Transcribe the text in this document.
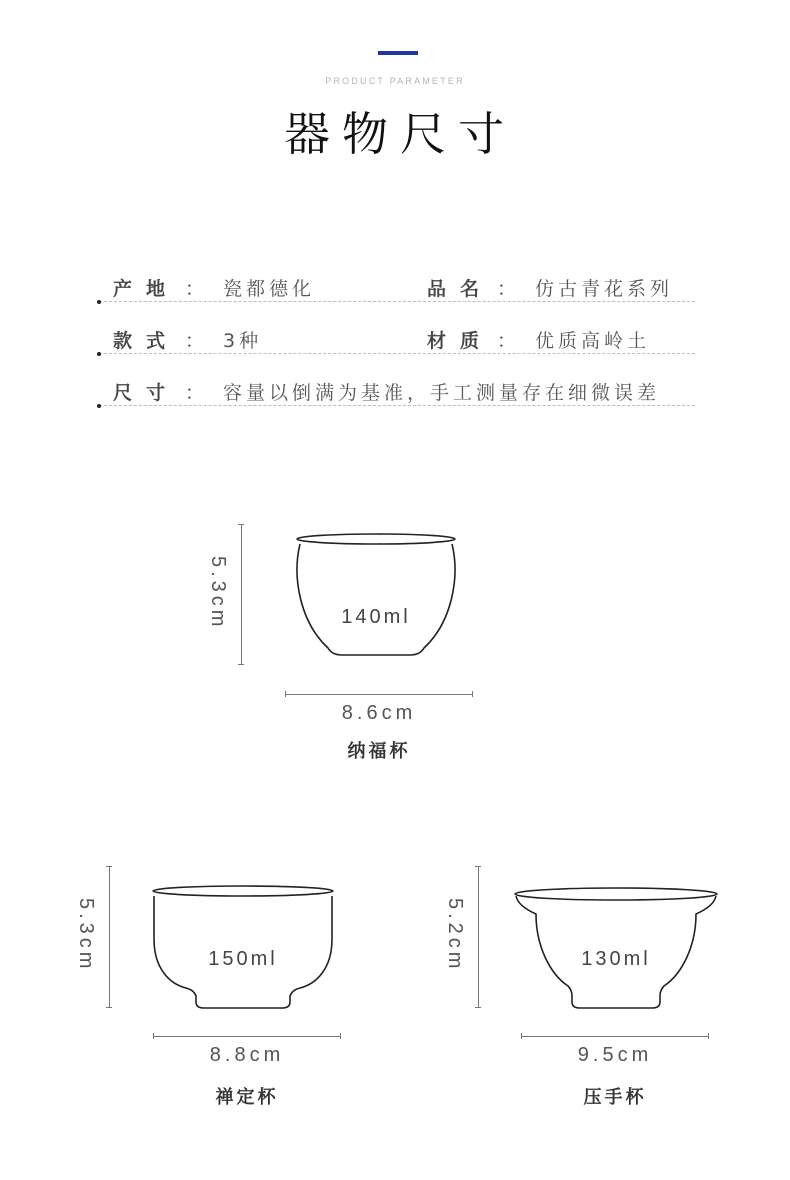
PRODUCT PARAMETER
器物尺寸
产地 ： 瓷都德化	品名 ： 仿古青花系列
款式 ： 3种	材质 ： 优质高岭土
尺寸 ： 容量以倒满为基准，手工测量存在细微误差
5.3cm	140ml
8.6cm
纳福杯
5.3cm	150ml
8.8cm
禅定杯
5.2cm	130ml
9.5cm
压手杯
